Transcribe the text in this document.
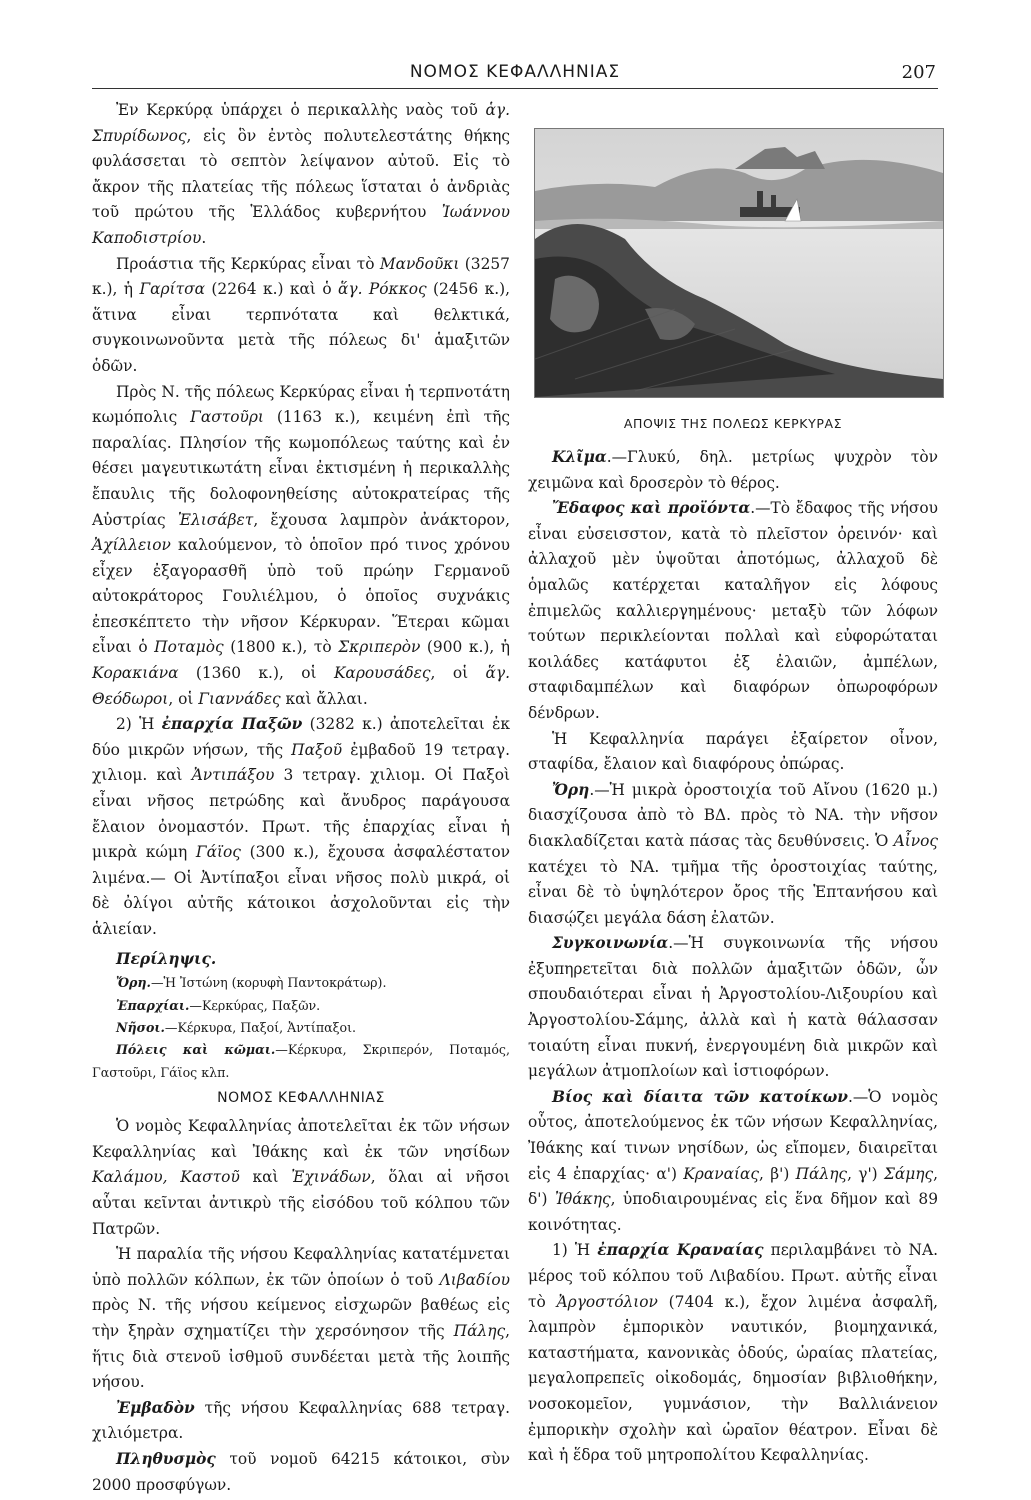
ΝΟΜΟΣ ΚΕΦΑΛΛΗΝΙΑΣ	207

Ἐν Κερκύρᾳ ὑπάρχει ὁ περικαλλὴς ναὸς τοῦ ἁγ. Σπυρίδωνος, εἰς ὃν ἐντὸς πολυτελεστάτης θήκης φυλάσσεται τὸ σεπτὸν λείψανον αὐτοῦ. Εἰς τὸ ἄκρον τῆς πλατείας τῆς πόλεως ἵσταται ὁ ἀνδριὰς τοῦ πρώτου τῆς Ἑλλάδος κυβερνήτου Ἰωάννου Καποδιστρίου.

Προάστια τῆς Κερκύρας εἶναι τὸ Μανδοῦκι (3257 κ.), ἡ Γαρίτσα (2264 κ.) καὶ ὁ ἅγ. Ρόκκος (2456 κ.), ἅτινα εἶναι τερπνότατα καὶ θελκτικά, συγκοινωνοῦντα μετὰ τῆς πόλεως δι' ἁμαξιτῶν ὁδῶν.

Πρὸς Ν. τῆς πόλεως Κερκύρας εἶναι ἡ τερπνοτάτη κωμόπολις Γαστοῦρι (1163 κ.), κειμένη ἐπὶ τῆς παραλίας. Πλησίον τῆς κωμοπόλεως ταύτης καὶ ἐν θέσει μαγευτικωτάτη εἶναι ἐκτισμένη ἡ περικαλλὴς ἔπαυλις τῆς δολοφονηθείσης αὐτοκρατείρας τῆς Αὐστρίας Ἐλισάβετ, ἔχουσα λαμπρὸν ἀνάκτορον, Ἀχίλλειον καλούμενον, τὸ ὁποῖον πρό τινος χρόνου εἶχεν ἐξαγορασθῆ ὑπὸ τοῦ πρώην Γερμανοῦ αὐτοκράτορος Γουλιέλμου, ὁ ὁποῖος συχνάκις ἐπεσκέπτετο τὴν νῆσον Κέρκυραν. Ἕτεραι κῶμαι εἶναι ὁ Ποταμὸς (1800 κ.), τὸ Σκριπερὸν (900 κ.), ἡ Κορακιάνα (1360 κ.), οἱ Καρουσάδες, οἱ ἅγ. Θεόδωροι, οἱ Γιαννάδες καὶ ἄλλαι.

2) Ἡ ἐπαρχία Παξῶν (3282 κ.) ἀποτελεῖται ἐκ δύο μικρῶν νήσων, τῆς Παξοῦ ἐμβαδοῦ 19 τετραγ. χιλιομ. καὶ Ἀντιπάξου 3 τετραγ. χιλιομ. Οἱ Παξοὶ εἶναι νῆσος πετρώδης καὶ ἄνυδρος παράγουσα ἔλαιον ὀνομαστόν. Πρωτ. τῆς ἐπαρχίας εἶναι ἡ μικρὰ κώμη Γάϊος (300 κ.), ἔχουσα ἀσφαλέστατον λιμένα.— Οἱ Ἀντίπαξοι εἶναι νῆσος πολὺ μικρά, οἱ δὲ ὀλίγοι αὐτῆς κάτοικοι ἀσχολοῦνται εἰς τὴν ἁλιείαν.

Περίληψις.

Ὄρη.—Ἡ Ἰστώνη (κορυφὴ Παντοκράτωρ).

Ἐπαρχίαι.—Κερκύρας, Παξῶν.

Νῆσοι.—Κέρκυρα, Παξοί, Ἀντίπαξοι.

Πόλεις καὶ κῶμαι.—Κέρκυρα, Σκριπερόν, Ποταμός, Γαστοῦρι, Γάϊος κλπ.

ΝΟΜΟΣ ΚΕΦΑΛΛΗΝΙΑΣ

Ὁ νομὸς Κεφαλληνίας ἀποτελεῖται ἐκ τῶν νήσων Κεφαλληνίας καὶ Ἰθάκης καὶ ἐκ τῶν νησίδων Καλάμου, Καστοῦ καὶ Ἐχινάδων, ὅλαι αἱ νῆσοι αὗται κεῖνται ἀντικρὺ τῆς εἰσόδου τοῦ κόλπου τῶν Πατρῶν.

Ἡ παραλία τῆς νήσου Κεφαλληνίας κατατέμνεται ὑπὸ πολλῶν κόλπων, ἐκ τῶν ὁποίων ὁ τοῦ Λιβαδίου πρὸς Ν. τῆς νήσου κείμενος εἰσχωρῶν βαθέως εἰς τὴν ξηρὰν σχηματίζει τὴν χερσόνησον τῆς Πάλης, ἥτις διὰ στενοῦ ἰσθμοῦ συνδέεται μετὰ τῆς λοιπῆς νήσου.

Ἐμβαδὸν τῆς νήσου Κεφαλληνίας 688 τετραγ. χιλιόμετρα.

Πληθυσμὸς τοῦ νομοῦ 64215 κάτοικοι, σὺν 2000 προσφύγων.

ΑΠΟΨΙΣ ΤΗΣ ΠΟΛΕΩΣ ΚΕΡΚΥΡΑΣ

Κλῖμα.—Γλυκύ, δηλ. μετρίως ψυχρὸν τὸν χειμῶνα καὶ δροσερὸν τὸ θέρος.

Ἔδαφος καὶ προϊόντα.—Τὸ ἔδαφος τῆς νήσου εἶναι εὐσεισστον, κατὰ τὸ πλεῖστον ὀρεινόν· καὶ ἀλλαχοῦ μὲν ὑψοῦται ἀποτόμως, ἀλλαχοῦ δὲ ὁμαλῶς κατέρχεται καταλῆγον εἰς λόφους ἐπιμελῶς καλλιεργημένους· μεταξὺ τῶν λόφων τούτων περικλείονται πολλαὶ καὶ εὐφορώταται κοιλάδες κατάφυτοι ἐξ ἐλαιῶν, ἀμπέλων, σταφιδαμπέλων καὶ διαφόρων ὀπωροφόρων δένδρων.

Ἡ Κεφαλληνία παράγει ἐξαίρετον οἶνον, σταφίδα, ἔλαιον καὶ διαφόρους ὀπώρας.

Ὄρη.—Ἡ μικρὰ ὀροστοιχία τοῦ Αἴνου (1620 μ.) διασχίζουσα ἀπὸ τὸ ΒΔ. πρὸς τὸ ΝΑ. τὴν νῆσον διακλαδίζεται κατὰ πάσας τὰς δευθύνσεις. Ὁ Αἶνος κατέχει τὸ ΝΑ. τμῆμα τῆς ὀροστοιχίας ταύτης, εἶναι δὲ τὸ ὑψηλότερον ὄρος τῆς Ἑπτανήσου καὶ διασῴζει μεγάλα δάση ἐλατῶν.

Συγκοινωνία.—Ἡ συγκοινωνία τῆς νήσου ἐξυπηρετεῖται διὰ πολλῶν ἁμαξιτῶν ὁδῶν, ὧν σπουδαιότεραι εἶναι ἡ Ἀργοστολίου-Λιξουρίου καὶ Ἀργοστολίου-Σάμης, ἀλλὰ καὶ ἡ κατὰ θάλασσαν τοιαύτη εἶναι πυκνή, ἐνεργουμένη διὰ μικρῶν καὶ μεγάλων ἀτμοπλοίων καὶ ἱστιοφόρων.

Βίος καὶ δίαιτα τῶν κατοίκων.—Ὁ νομὸς οὗτος, ἀποτελούμενος ἐκ τῶν νήσων Κεφαλληνίας, Ἰθάκης καί τινων νησίδων, ὡς εἴπομεν, διαιρεῖται εἰς 4 ἐπαρχίας· α') Κραναίας, β') Πάλης, γ') Σάμης, δ') Ἰθάκης, ὑποδιαιρουμένας εἰς ἕνα δῆμον καὶ 89 κοινότητας.

1) Ἡ ἐπαρχία Κραναίας περιλαμβάνει τὸ ΝΑ. μέρος τοῦ κόλπου τοῦ Λιβαδίου. Πρωτ. αὐτῆς εἶναι τὸ Ἀργοστόλιον (7404 κ.), ἔχον λιμένα ἀσφαλῆ, λαμπρὸν ἐμπορικὸν ναυτικόν, βιομηχανικά, καταστήματα, κανονικὰς ὁδούς, ὡραίας πλατείας, μεγαλοπρεπεῖς οἰκοδομάς, δημοσίαν βιβλιοθήκην, νοσοκομεῖον, γυμνάσιον, τὴν Βαλλιάνειον ἐμπορικὴν σχολὴν καὶ ὡραῖον θέατρον. Εἶναι δὲ καὶ ἡ ἕδρα τοῦ μητροπολίτου Κεφαλληνίας.
